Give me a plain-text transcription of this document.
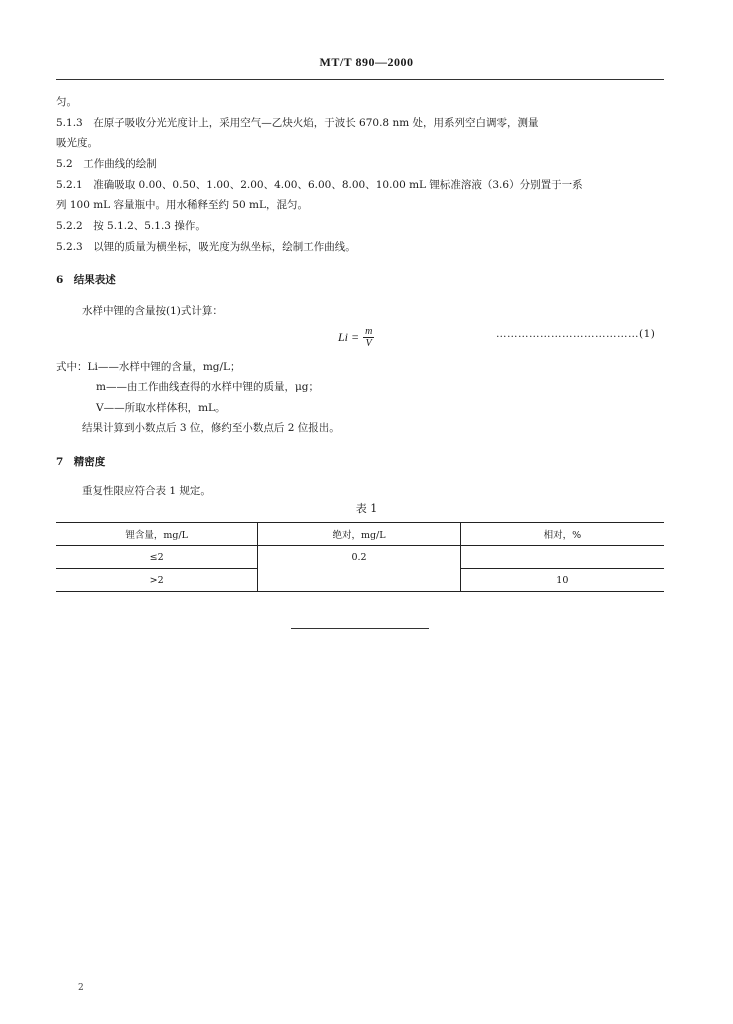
MT/T 890—2000
匀。
5.1.3　在原子吸收分光光度计上，采用空气—乙炔火焰，于波长 670.8 nm 处，用系列空白调零，测量
吸光度。
5.2　工作曲线的绘制
5.2.1　准确吸取 0.00、0.50、1.00、2.00、4.00、6.00、8.00、10.00 mL 锂标准溶液（3.6）分别置于一系
列 100 mL 容量瓶中。用水稀释至约 50 mL，混匀。
5.2.2　按 5.1.2、5.1.3 操作。
5.2.3　以锂的质量为横坐标，吸光度为纵坐标，绘制工作曲线。
6　结果表述
水样中锂的含量按(1)式计算：
$Li = \frac{m}{V}$	…………………………………(1)
式中：Li——水样中锂的含量，mg/L；
m——由工作曲线查得的水样中锂的质量，μg；
V——所取水样体积，mL。
结果计算到小数点后 3 位，修约至小数点后 2 位报出。
7　精密度
重复性限应符合表 1 规定。
表 1
锂含量，mg/L	绝对，mg/L	相对，%
≤2	0.2	
>2		10
2
